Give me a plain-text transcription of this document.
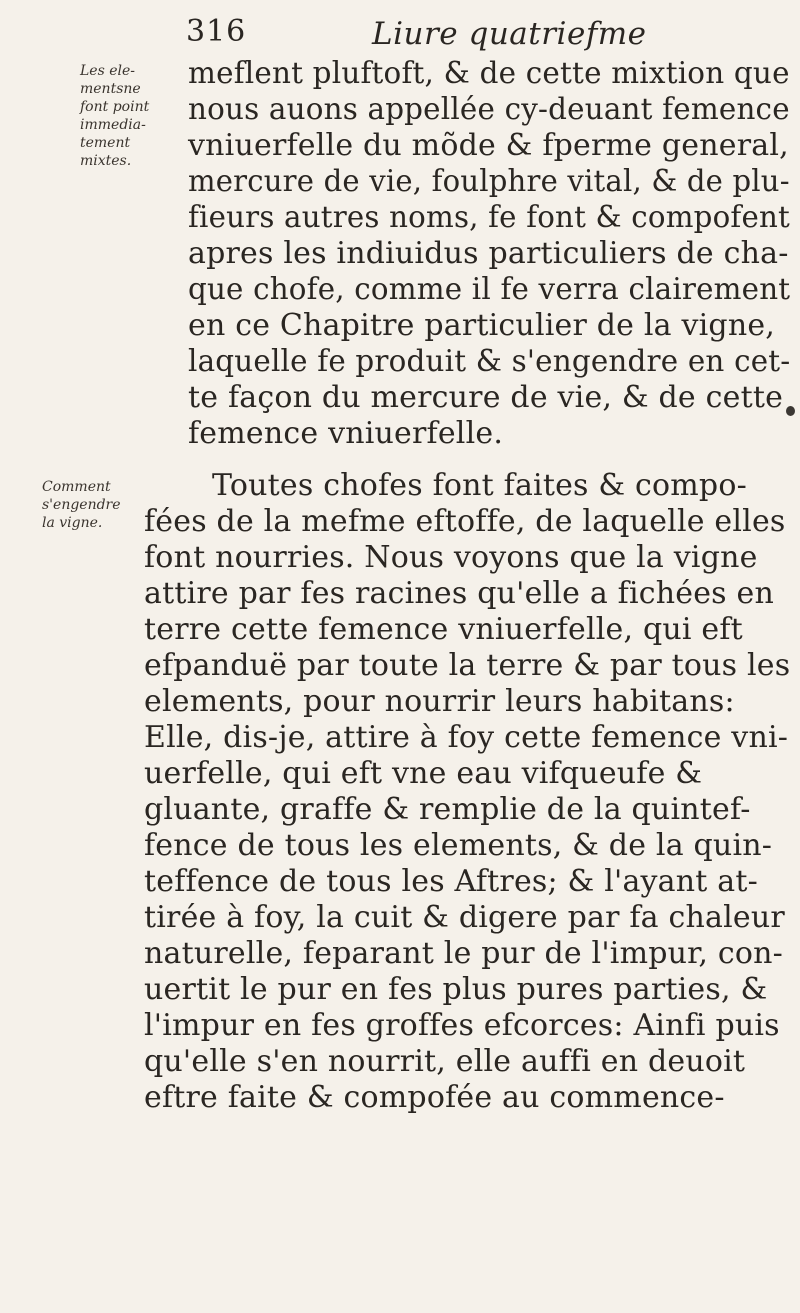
316	Liure quatriefme
Les ele-
mentsne
font point
immedia-
tement
mixtes.
Comment
s'engendre
la vigne.
meflent pluftoft, & de cette mixtion que
nous auons appellée cy-deuant femence
vniuerfelle du mõde & fperme general,
mercure de vie, foulphre vital, & de plu-
fieurs autres noms, fe font & compofent
apres les indiuidus particuliers de cha-
que chofe, comme il fe verra clairement
en ce Chapitre particulier de la vigne,
laquelle fe produit & s'engendre en cet-
te façon du mercure de vie, & de cette
femence vniuerfelle.
Toutes chofes font faites & compo-
fées de la mefme eftoffe, de laquelle elles
font nourries. Nous voyons que la vigne
attire par fes racines qu'elle a fichées en
terre cette femence vniuerfelle, qui eft
efpanduë par toute la terre & par tous les
elements, pour nourrir leurs habitans:
Elle, dis-je, attire à foy cette femence vni-
uerfelle, qui eft vne eau vifqueufe &
gluante, graffe & remplie de la quintef-
fence de tous les elements, & de la quin-
teffence de tous les Aftres; & l'ayant at-
tirée à foy, la cuit & digere par fa chaleur
naturelle, feparant le pur de l'impur, con-
uertit le pur en fes plus pures parties, &
l'impur en fes groffes efcorces: Ainfi puis
qu'elle s'en nourrit, elle auffi en deuoit
eftre faite & compofée au commence-
